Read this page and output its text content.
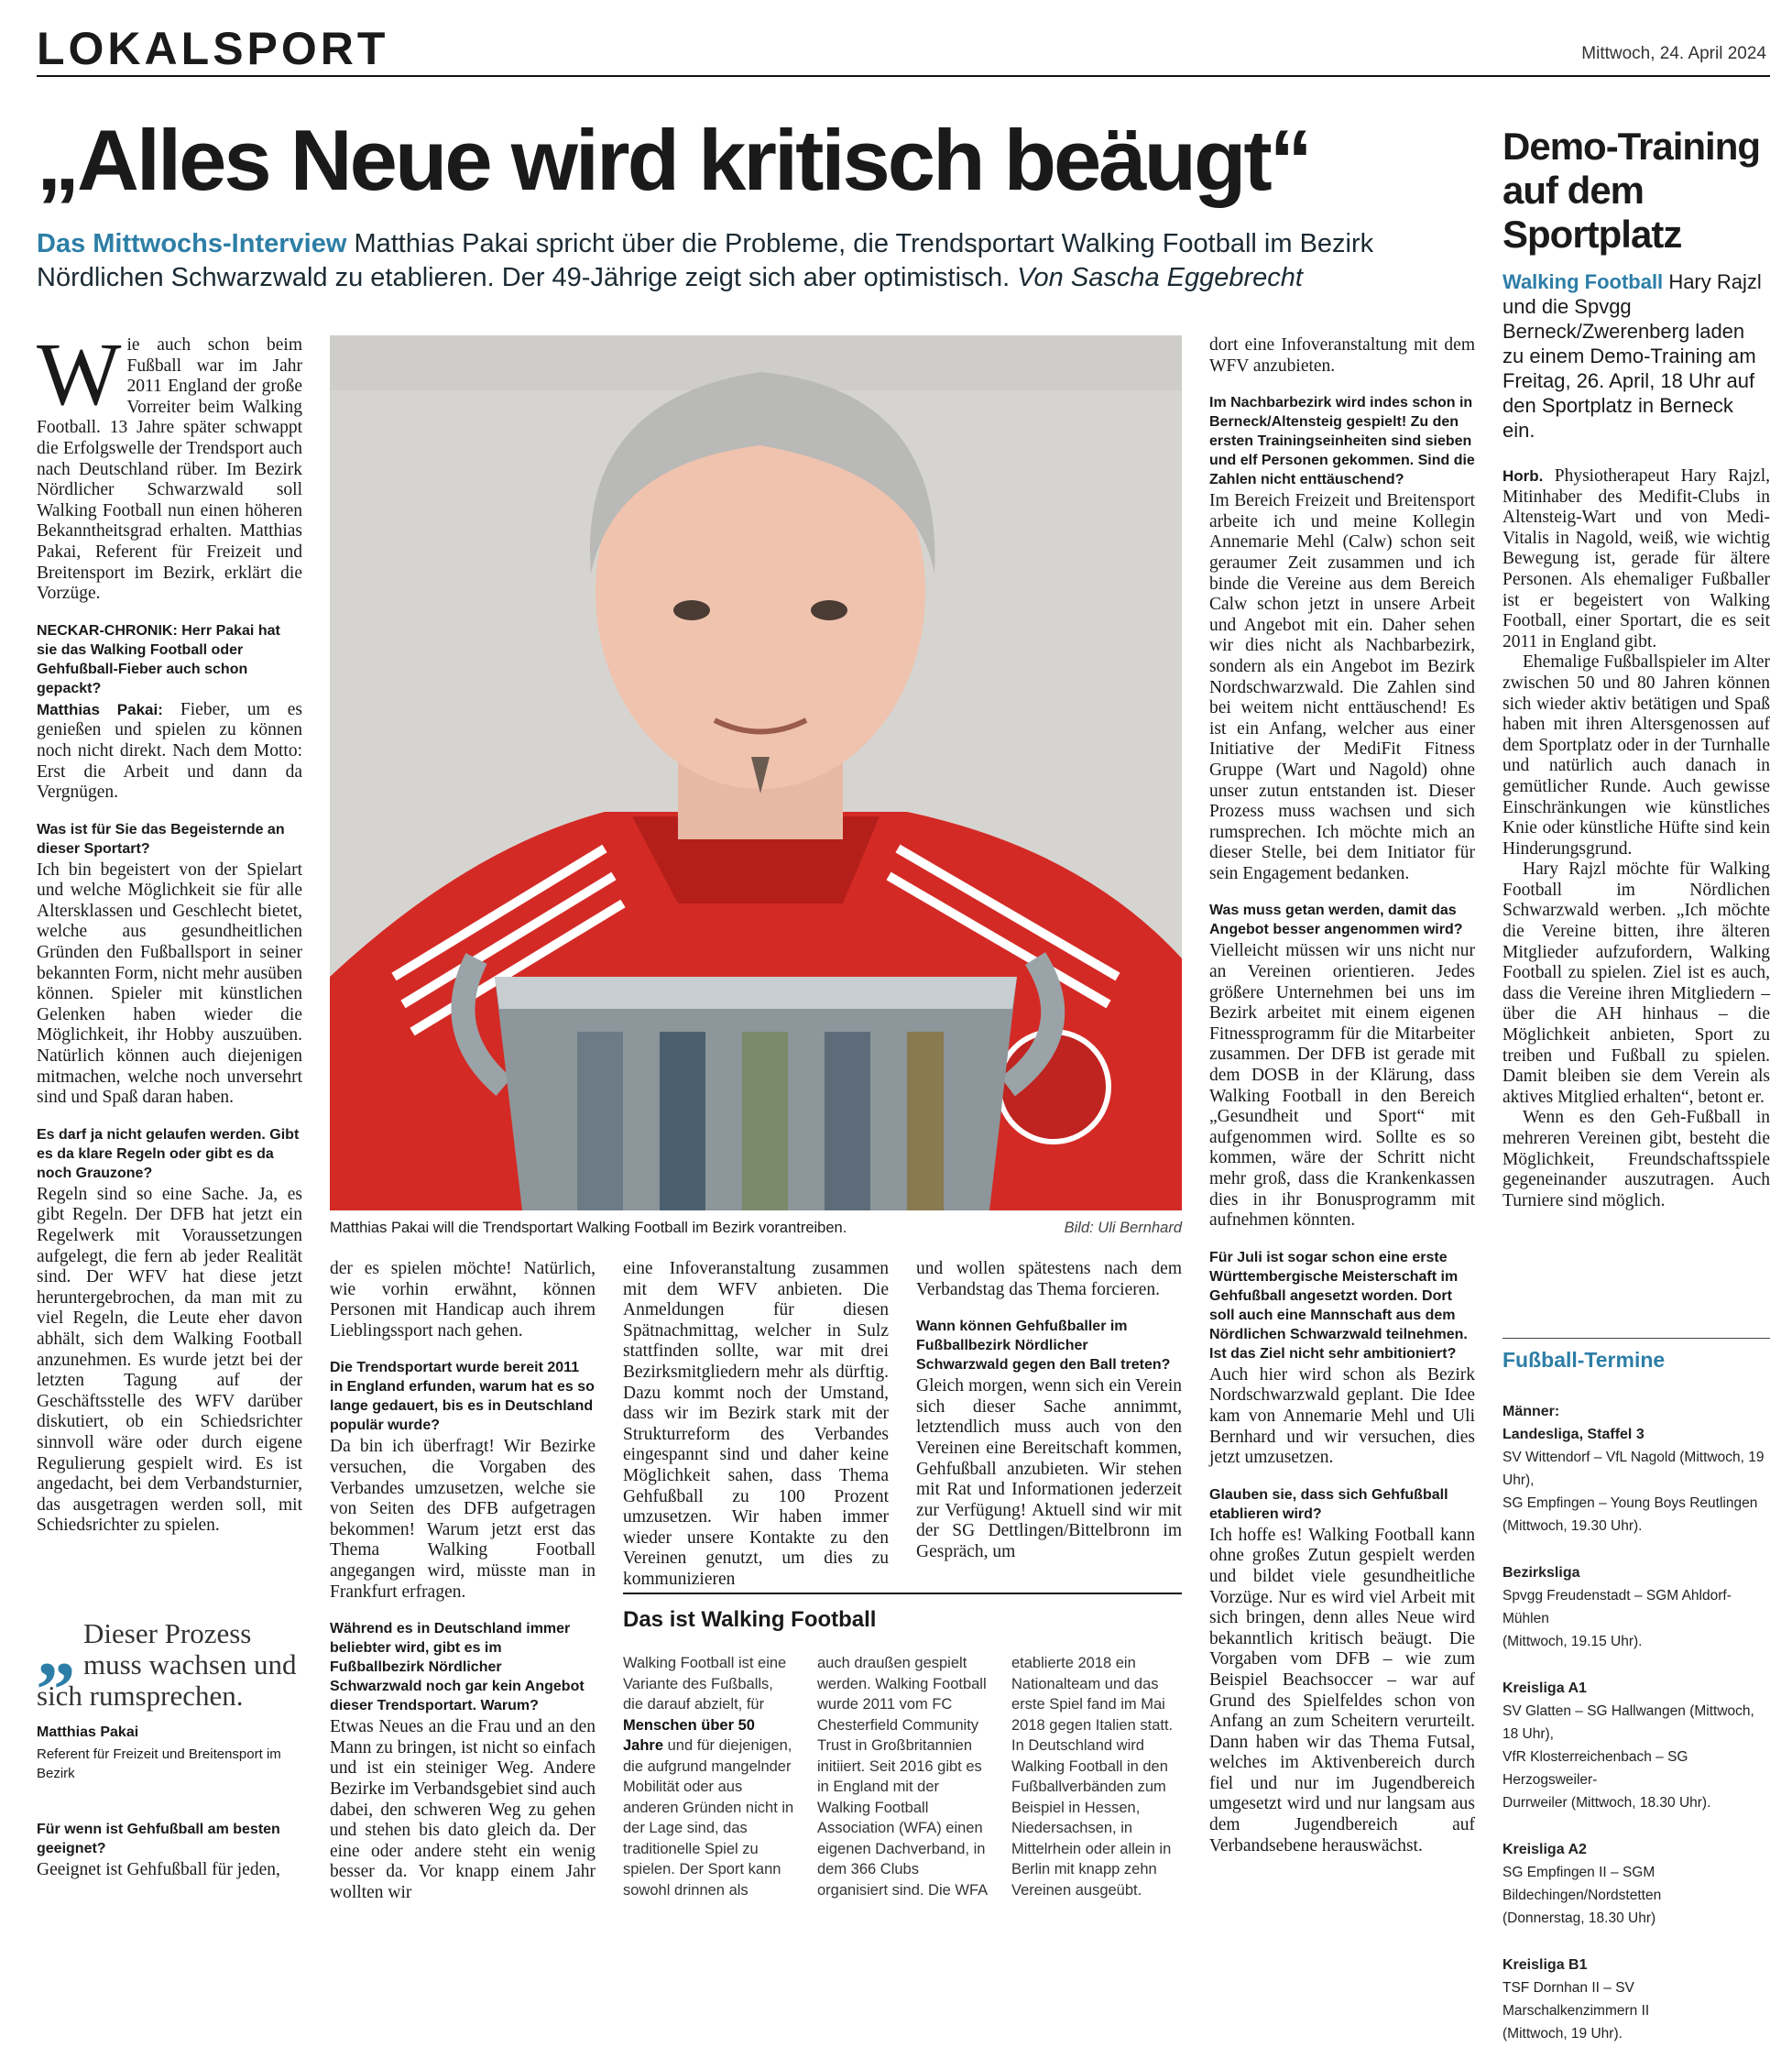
LOKALSPORT	Mittwoch, 24. April 2024
„Alles Neue wird kritisch beäugt“
Das Mittwochs-Interview Matthias Pakai spricht über die Probleme, die Trendsportart Walking Football im Bezirk Nördlichen Schwarzwald zu etablieren. Der 49-Jährige zeigt sich aber optimistisch. Von Sascha Eggebrecht

Wie auch schon beim Fußball war im Jahr 2011 England der große Vorreiter beim Walking Football. 13 Jahre später schwappt die Erfolgswelle der Trendsport auch nach Deutschland rüber. Im Bezirk Nördlicher Schwarzwald soll Walking Football nun einen höheren Bekanntheitsgrad erhalten. Matthias Pakai, Referent für Freizeit und Breitensport im Bezirk, erklärt die Vorzüge.

NECKAR-CHRONIK: Herr Pakai hat sie das Walking Football oder Gehfußball-Fieber auch schon gepackt?

Matthias Pakai: Fieber, um es genießen und spielen zu können noch nicht direkt. Nach dem Motto: Erst die Arbeit und dann da Vergnügen.

Was ist für Sie das Begeisternde an dieser Sportart?

Ich bin begeistert von der Spielart und welche Möglichkeit sie für alle Altersklassen und Geschlecht bietet, welche aus gesundheitlichen Gründen den Fußballsport in seiner bekannten Form, nicht mehr ausüben können. Spieler mit künstlichen Gelenken haben wieder die Möglichkeit, ihr Hobby auszuüben. Natürlich können auch diejenigen mitmachen, welche noch unversehrt sind und Spaß daran haben.

Es darf ja nicht gelaufen werden. Gibt es da klare Regeln oder gibt es da noch Grauzone?

Regeln sind so eine Sache. Ja, es gibt Regeln. Der DFB hat jetzt ein Regelwerk mit Voraussetzungen aufgelegt, die fern ab jeder Realität sind. Der WFV hat diese jetzt heruntergebrochen, da man mit zu viel Regeln, die Leute eher davon abhält, sich dem Walking Football anzunehmen. Es wurde jetzt bei der letzten Tagung auf der Geschäftsstelle des WFV darüber diskutiert, ob ein Schiedsrichter sinnvoll wäre oder durch eigene Regulierung gespielt wird. Es ist angedacht, bei dem Verbandsturnier, das ausgetragen werden soll, mit Schiedsrichter zu spielen.

„ Dieser Prozess muss wachsen und sich rumsprechen.
Matthias Pakai
Referent für Freizeit und Breitensport im Bezirk

Für wenn ist Gehfußball am besten geeignet?

Geeignet ist Gehfußball für jeden,

Matthias Pakai will die Trendsportart Walking Football im Bezirk vorantreiben.	Bild: Uli Bernhard

der es spielen möchte! Natürlich, wie vorhin erwähnt, können Personen mit Handicap auch ihrem Lieblingssport nach gehen.

Die Trendsportart wurde bereit 2011 in England erfunden, warum hat es so lange gedauert, bis es in Deutschland populär wurde?

Da bin ich überfragt! Wir Bezirke versuchen, die Vorgaben des Verbandes umzusetzen, welche sie von Seiten des DFB aufgetragen bekommen! Warum jetzt erst das Thema Walking Football angegangen wird, müsste man in Frankfurt erfragen.

Während es in Deutschland immer beliebter wird, gibt es im Fußballbezirk Nördlicher Schwarzwald noch gar kein Angebot dieser Trendsportart. Warum?

Etwas Neues an die Frau und an den Mann zu bringen, ist nicht so einfach und ist ein steiniger Weg. Andere Bezirke im Verbandsgebiet sind auch dabei, den schweren Weg zu gehen und stehen bis dato gleich da. Der eine oder andere steht ein wenig besser da. Vor knapp einem Jahr wollten wir

eine Infoveranstaltung zusammen mit dem WFV anbieten. Die Anmeldungen für diesen Spätnachmittag, welcher in Sulz stattfinden sollte, war mit drei Bezirksmitgliedern mehr als dürftig. Dazu kommt noch der Umstand, dass wir im Bezirk stark mit der Strukturreform des Verbandes eingespannt sind und daher keine Möglichkeit sahen, dass Thema Gehfußball zu 100 Prozent umzusetzen. Wir haben immer wieder unsere Kontakte zu den Vereinen genutzt, um dies zu kommunizieren

und wollen spätestens nach dem Verbandstag das Thema forcieren.

Wann können Gehfußballer im Fußballbezirk Nördlicher Schwarzwald gegen den Ball treten?

Gleich morgen, wenn sich ein Verein sich dieser Sache annimmt, letztendlich muss auch von den Vereinen eine Bereitschaft kommen, Gehfußball anzubieten. Wir stehen mit Rat und Informationen jederzeit zur Verfügung! Aktuell sind wir mit der SG Dettlingen/Bittelbronn im Gespräch, um

Das ist Walking Football
Walking Football ist eine Variante des Fußballs, die darauf abzielt, für Menschen über 50 Jahre und für diejenigen, die aufgrund mangelnder Mobilität oder aus anderen Gründen nicht in der Lage sind, das traditionelle Spiel zu spielen. Der Sport kann sowohl drinnen als
auch draußen gespielt werden. Walking Football wurde 2011 vom FC Chesterfield Community Trust in Großbritannien initiiert. Seit 2016 gibt es in England mit der Walking Football Association (WFA) einen eigenen Dachverband, in dem 366 Clubs organisiert sind. Die WFA
etablierte 2018 ein Nationalteam und das erste Spiel fand im Mai 2018 gegen Italien statt. In Deutschland wird Walking Football in den Fußballverbänden zum Beispiel in Hessen, Niedersachsen, in Mittelrhein oder allein in Berlin mit knapp zehn Vereinen ausgeübt.

dort eine Infoveranstaltung mit dem WFV anzubieten.

Im Nachbarbezirk wird indes schon in Berneck/Altensteig gespielt! Zu den ersten Trainingseinheiten sind sieben und elf Personen gekommen. Sind die Zahlen nicht enttäuschend?

Im Bereich Freizeit und Breitensport arbeite ich und meine Kollegin Annemarie Mehl (Calw) schon seit geraumer Zeit zusammen und ich binde die Vereine aus dem Bereich Calw schon jetzt in unsere Arbeit und Angebot mit ein. Daher sehen wir dies nicht als Nachbarbezirk, sondern als ein Angebot im Bezirk Nordschwarzwald. Die Zahlen sind bei weitem nicht enttäuschend! Es ist ein Anfang, welcher aus einer Initiative der MediFit Fitness Gruppe (Wart und Nagold) ohne unser zutun entstanden ist. Dieser Prozess muss wachsen und sich rumsprechen. Ich möchte mich an dieser Stelle, bei dem Initiator für sein Engagement bedanken.

Was muss getan werden, damit das Angebot besser angenommen wird?

Vielleicht müssen wir uns nicht nur an Vereinen orientieren. Jedes größere Unternehmen bei uns im Bezirk arbeitet mit einem eigenen Fitnessprogramm für die Mitarbeiter zusammen. Der DFB ist gerade mit dem DOSB in der Klärung, dass Walking Football in den Bereich „Gesundheit und Sport“ mit aufgenommen wird. Sollte es so kommen, wäre der Schritt nicht mehr groß, dass die Krankenkassen dies in ihr Bonusprogramm mit aufnehmen könnten.

Für Juli ist sogar schon eine erste Württembergische Meisterschaft im Gehfußball angesetzt worden. Dort soll auch eine Mannschaft aus dem Nördlichen Schwarzwald teilnehmen. Ist das Ziel nicht sehr ambitioniert?

Auch hier wird schon als Bezirk Nordschwarzwald geplant. Die Idee kam von Annemarie Mehl und Uli Bernhard und wir versuchen, dies jetzt umzusetzen.

Glauben sie, dass sich Gehfußball etablieren wird?

Ich hoffe es! Walking Football kann ohne großes Zutun gespielt werden und bildet viele gesundheitliche Vorzüge. Nur es wird viel Arbeit mit sich bringen, denn alles Neue wird bekanntlich kritisch beäugt. Die Vorgaben vom DFB – wie zum Beispiel Beachsoccer – war auf Grund des Spielfeldes schon von Anfang an zum Scheitern verurteilt. Dann haben wir das Thema Futsal, welches im Aktivenbereich durch fiel und nur im Jugendbereich umgesetzt wird und nur langsam aus dem Jugendbereich auf Verbandsebene herauswächst.

Demo-Training auf dem Sportplatz
Walking Football Hary Rajzl und die Spvgg Berneck/Zwerenberg laden zu einem Demo-Training am Freitag, 26. April, 18 Uhr auf den Sportplatz in Berneck ein.

Horb. Physiotherapeut Hary Rajzl, Mitinhaber des Medifit-Clubs in Altensteig-Wart und von Medi-Vitalis in Nagold, weiß, wie wichtig Bewegung ist, gerade für ältere Personen. Als ehemaliger Fußballer ist er begeistert von Walking Football, einer Sportart, die es seit 2011 in England gibt.

Ehemalige Fußballspieler im Alter zwischen 50 und 80 Jahren können sich wieder aktiv betätigen und Spaß haben mit ihren Altersgenossen auf dem Sportplatz oder in der Turnhalle und natürlich auch danach in gemütlicher Runde. Auch gewisse Einschränkungen wie künstliches Knie oder künstliche Hüfte sind kein Hinderungsgrund.

Hary Rajzl möchte für Walking Football im Nördlichen Schwarzwald werben. „Ich möchte die Vereine bitten, ihre älteren Mitglieder aufzufordern, Walking Football zu spielen. Ziel ist es auch, dass die Vereine ihren Mitgliedern – über die AH hinhaus – die Möglichkeit anbieten, Sport zu treiben und Fußball zu spielen. Damit bleiben sie dem Verein als aktives Mitglied erhalten“, betont er.

Wenn es den Geh-Fußball in mehreren Vereinen gibt, besteht die Möglichkeit, Freundschaftsspiele gegeneinander auszutragen. Auch Turniere sind möglich.

Fußball-Termine
Männer:
Landesliga, Staffel 3
SV Wittendorf – VfL Nagold (Mittwoch, 19 Uhr),
SG Empfingen – Young Boys Reutlingen
(Mittwoch, 19.30 Uhr).
Bezirksliga
Spvgg Freudenstadt – SGM Ahldorf-Mühlen
(Mittwoch, 19.15 Uhr).
Kreisliga A1
SV Glatten – SG Hallwangen (Mittwoch, 18 Uhr),
VfR Klosterreichenbach – SG Herzogsweiler-
Durrweiler (Mittwoch, 18.30 Uhr).
Kreisliga A2
SG Empfingen II – SGM Bildechingen/Nordstetten
(Donnerstag, 18.30 Uhr)
Kreisliga B1
TSF Dornhan II – SV Marschalkenzimmern II
(Mittwoch, 19 Uhr).
